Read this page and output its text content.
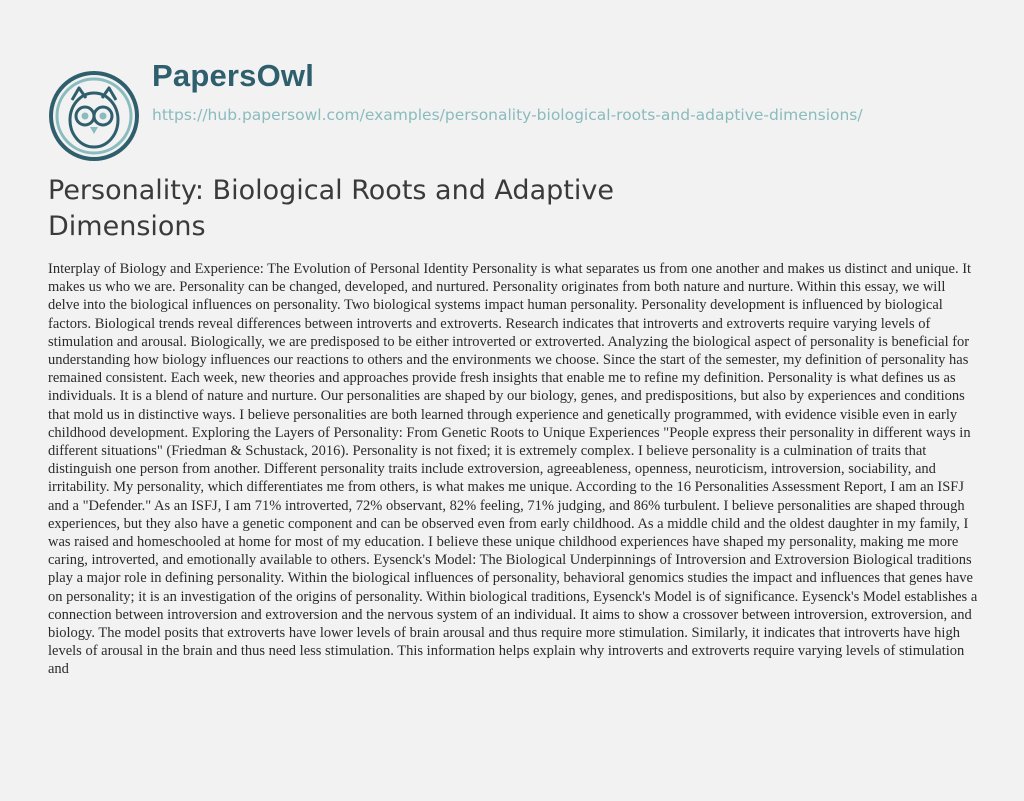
PapersOwl
https://hub.papersowl.com/examples/personality-biological-roots-and-adaptive-dimensions/
Personality: Biological Roots and Adaptive Dimensions

Interplay of Biology and Experience: The Evolution of Personal Identity Personality is what separates us from one another and makes us distinct and unique. It makes us who we are. Personality can be changed, developed, and nurtured. Personality originates from both nature and nurture. Within this essay, we will delve into the biological influences on personality. Two biological systems impact human personality. Personality development is influenced by biological factors. Biological trends reveal differences between introverts and extroverts. Research indicates that introverts and extroverts require varying levels of stimulation and arousal. Biologically, we are predisposed to be either introverted or extroverted. Analyzing the biological aspect of personality is beneficial for understanding how biology influences our reactions to others and the environments we choose. Since the start of the semester, my definition of personality has remained consistent. Each week, new theories and approaches provide fresh insights that enable me to refine my definition. Personality is what defines us as individuals. It is a blend of nature and nurture. Our personalities are shaped by our biology, genes, and predispositions, but also by experiences and conditions that mold us in distinctive ways. I believe personalities are both learned through experience and genetically programmed, with evidence visible even in early childhood development. Exploring the Layers of Personality: From Genetic Roots to Unique Experiences "People express their personality in different ways in different situations" (Friedman & Schustack, 2016). Personality is not fixed; it is extremely complex. I believe personality is a culmination of traits that distinguish one person from another. Different personality traits include extroversion, agreeableness, openness, neuroticism, introversion, sociability, and irritability. My personality, which differentiates me from others, is what makes me unique. According to the 16 Personalities Assessment Report, I am an ISFJ and a "Defender." As an ISFJ, I am 71% introverted, 72% observant, 82% feeling, 71% judging, and 86% turbulent. I believe personalities are shaped through experiences, but they also have a genetic component and can be observed even from early childhood. As a middle child and the oldest daughter in my family, I was raised and homeschooled at home for most of my education. I believe these unique childhood experiences have shaped my personality, making me more caring, introverted, and emotionally available to others. Eysenck's Model: The Biological Underpinnings of Introversion and Extroversion Biological traditions play a major role in defining personality. Within the biological influences of personality, behavioral genomics studies the impact and influences that genes have on personality; it is an investigation of the origins of personality. Within biological traditions, Eysenck's Model is of significance. Eysenck's Model establishes a connection between introversion and extroversion and the nervous system of an individual. It aims to show a crossover between introversion, extroversion, and biology. The model posits that extroverts have lower levels of brain arousal and thus require more stimulation. Similarly, it indicates that introverts have high levels of arousal in the brain and thus need less stimulation. This information helps explain why introverts and extroverts require varying levels of stimulation and
